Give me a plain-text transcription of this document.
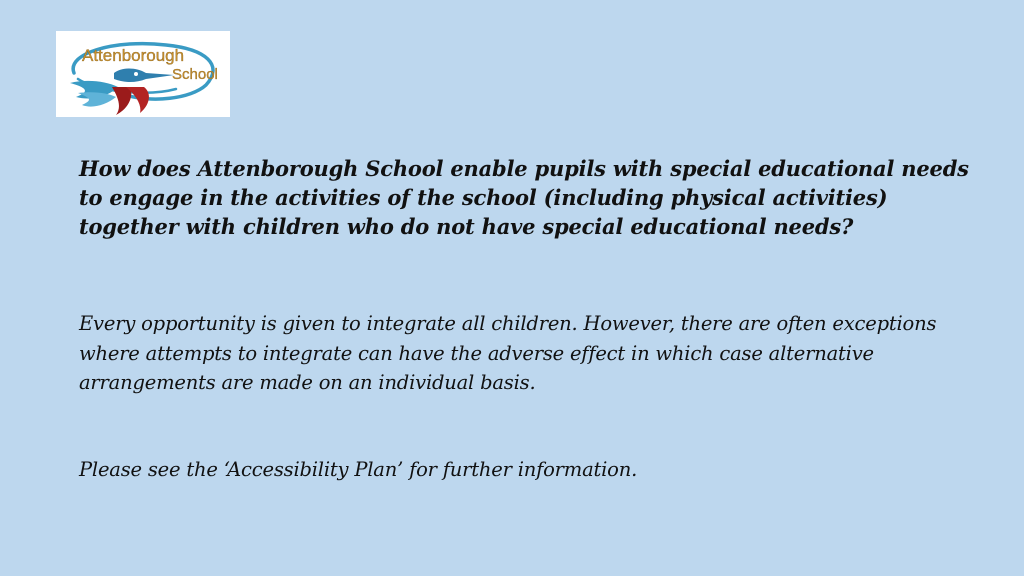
Attenborough
School

How does Attenborough School enable pupils with special educational needs to engage in the activities of the school (including physical activities) together with children who do not have special educational needs?

Every opportunity is given to integrate all children. However, there are often exceptions where attempts to integrate can have the adverse effect in which case alternative arrangements are made on an individual basis.

Please see the ‘Accessibility Plan’ for further information.
